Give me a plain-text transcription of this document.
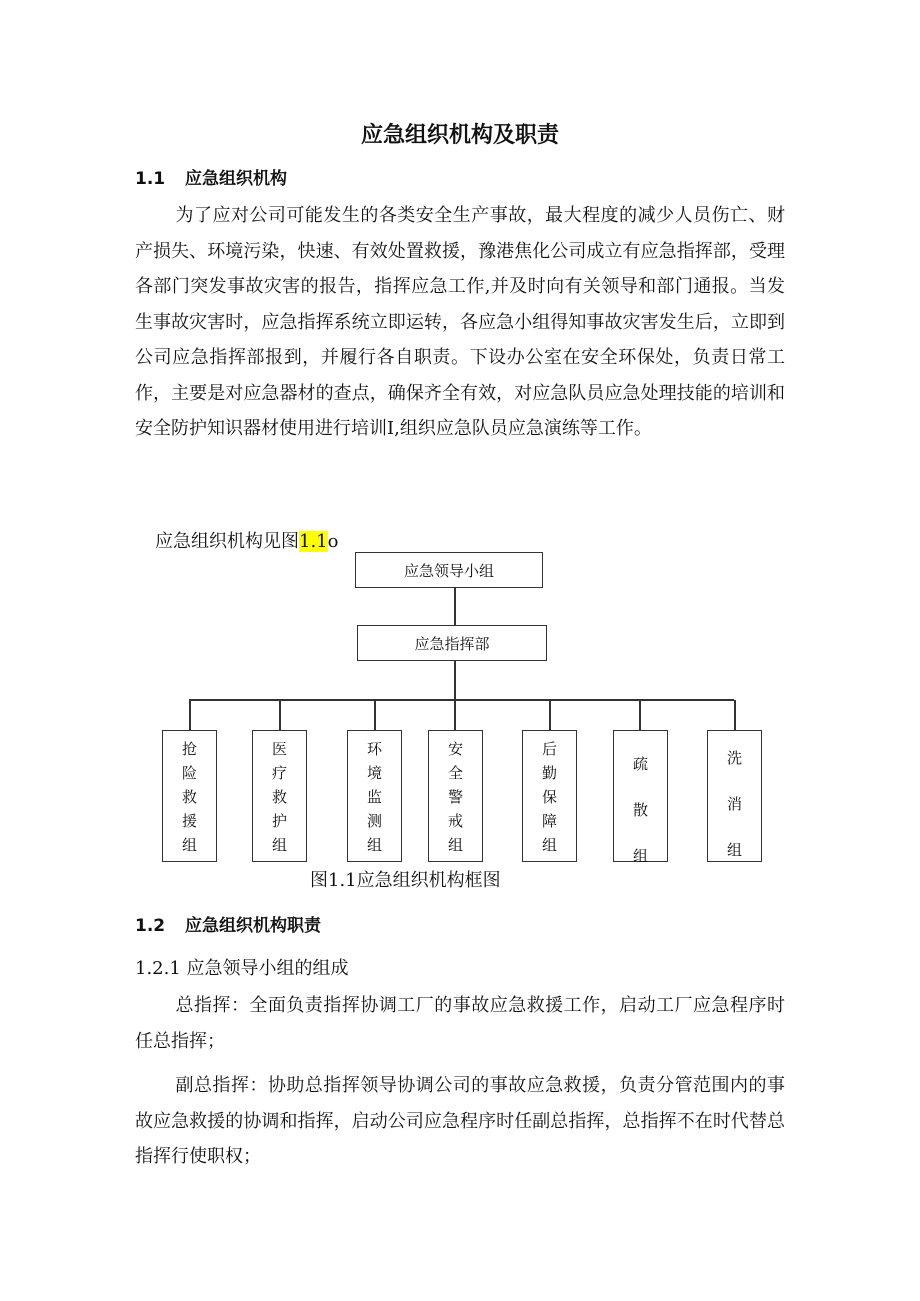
应急组织机构及职责
1.1 应急组织机构
为了应对公司可能发生的各类安全生产事故，最大程度的减少人员伤亡、财产损失、环境污染，快速、有效处置救援，豫港焦化公司成立有应急指挥部，受理各部门突发事故灾害的报告，指挥应急工作,并及时向有关领导和部门通报。当发生事故灾害时，应急指挥系统立即运转，各应急小组得知事故灾害发生后，立即到公司应急指挥部报到，并履行各自职责。下设办公室在安全环保处，负责日常工作，主要是对应急器材的查点，确保齐全有效，对应急队员应急处理技能的培训和安全防护知识器材使用进行培训I,组织应急队员应急演练等工作。
应急组织机构见图1.1o
应急领导小组
应急指挥部
抢
险
救
援
组
医
疗
救
护
组
环
境
监
测
组
安
全
警
戒
组
后
勤
保
障
组
疏
散
组
洗
消
组
图1.1应急组织机构框图
1.2 应急组织机构职责
1.2.1 应急领导小组的组成
总指挥：全面负责指挥协调工厂的事故应急救援工作，启动工厂应急程序时任总指挥；
副总指挥：协助总指挥领导协调公司的事故应急救援，负责分管范围内的事故应急救援的协调和指挥，启动公司应急程序时任副总指挥，总指挥不在时代替总指挥行使职权；
